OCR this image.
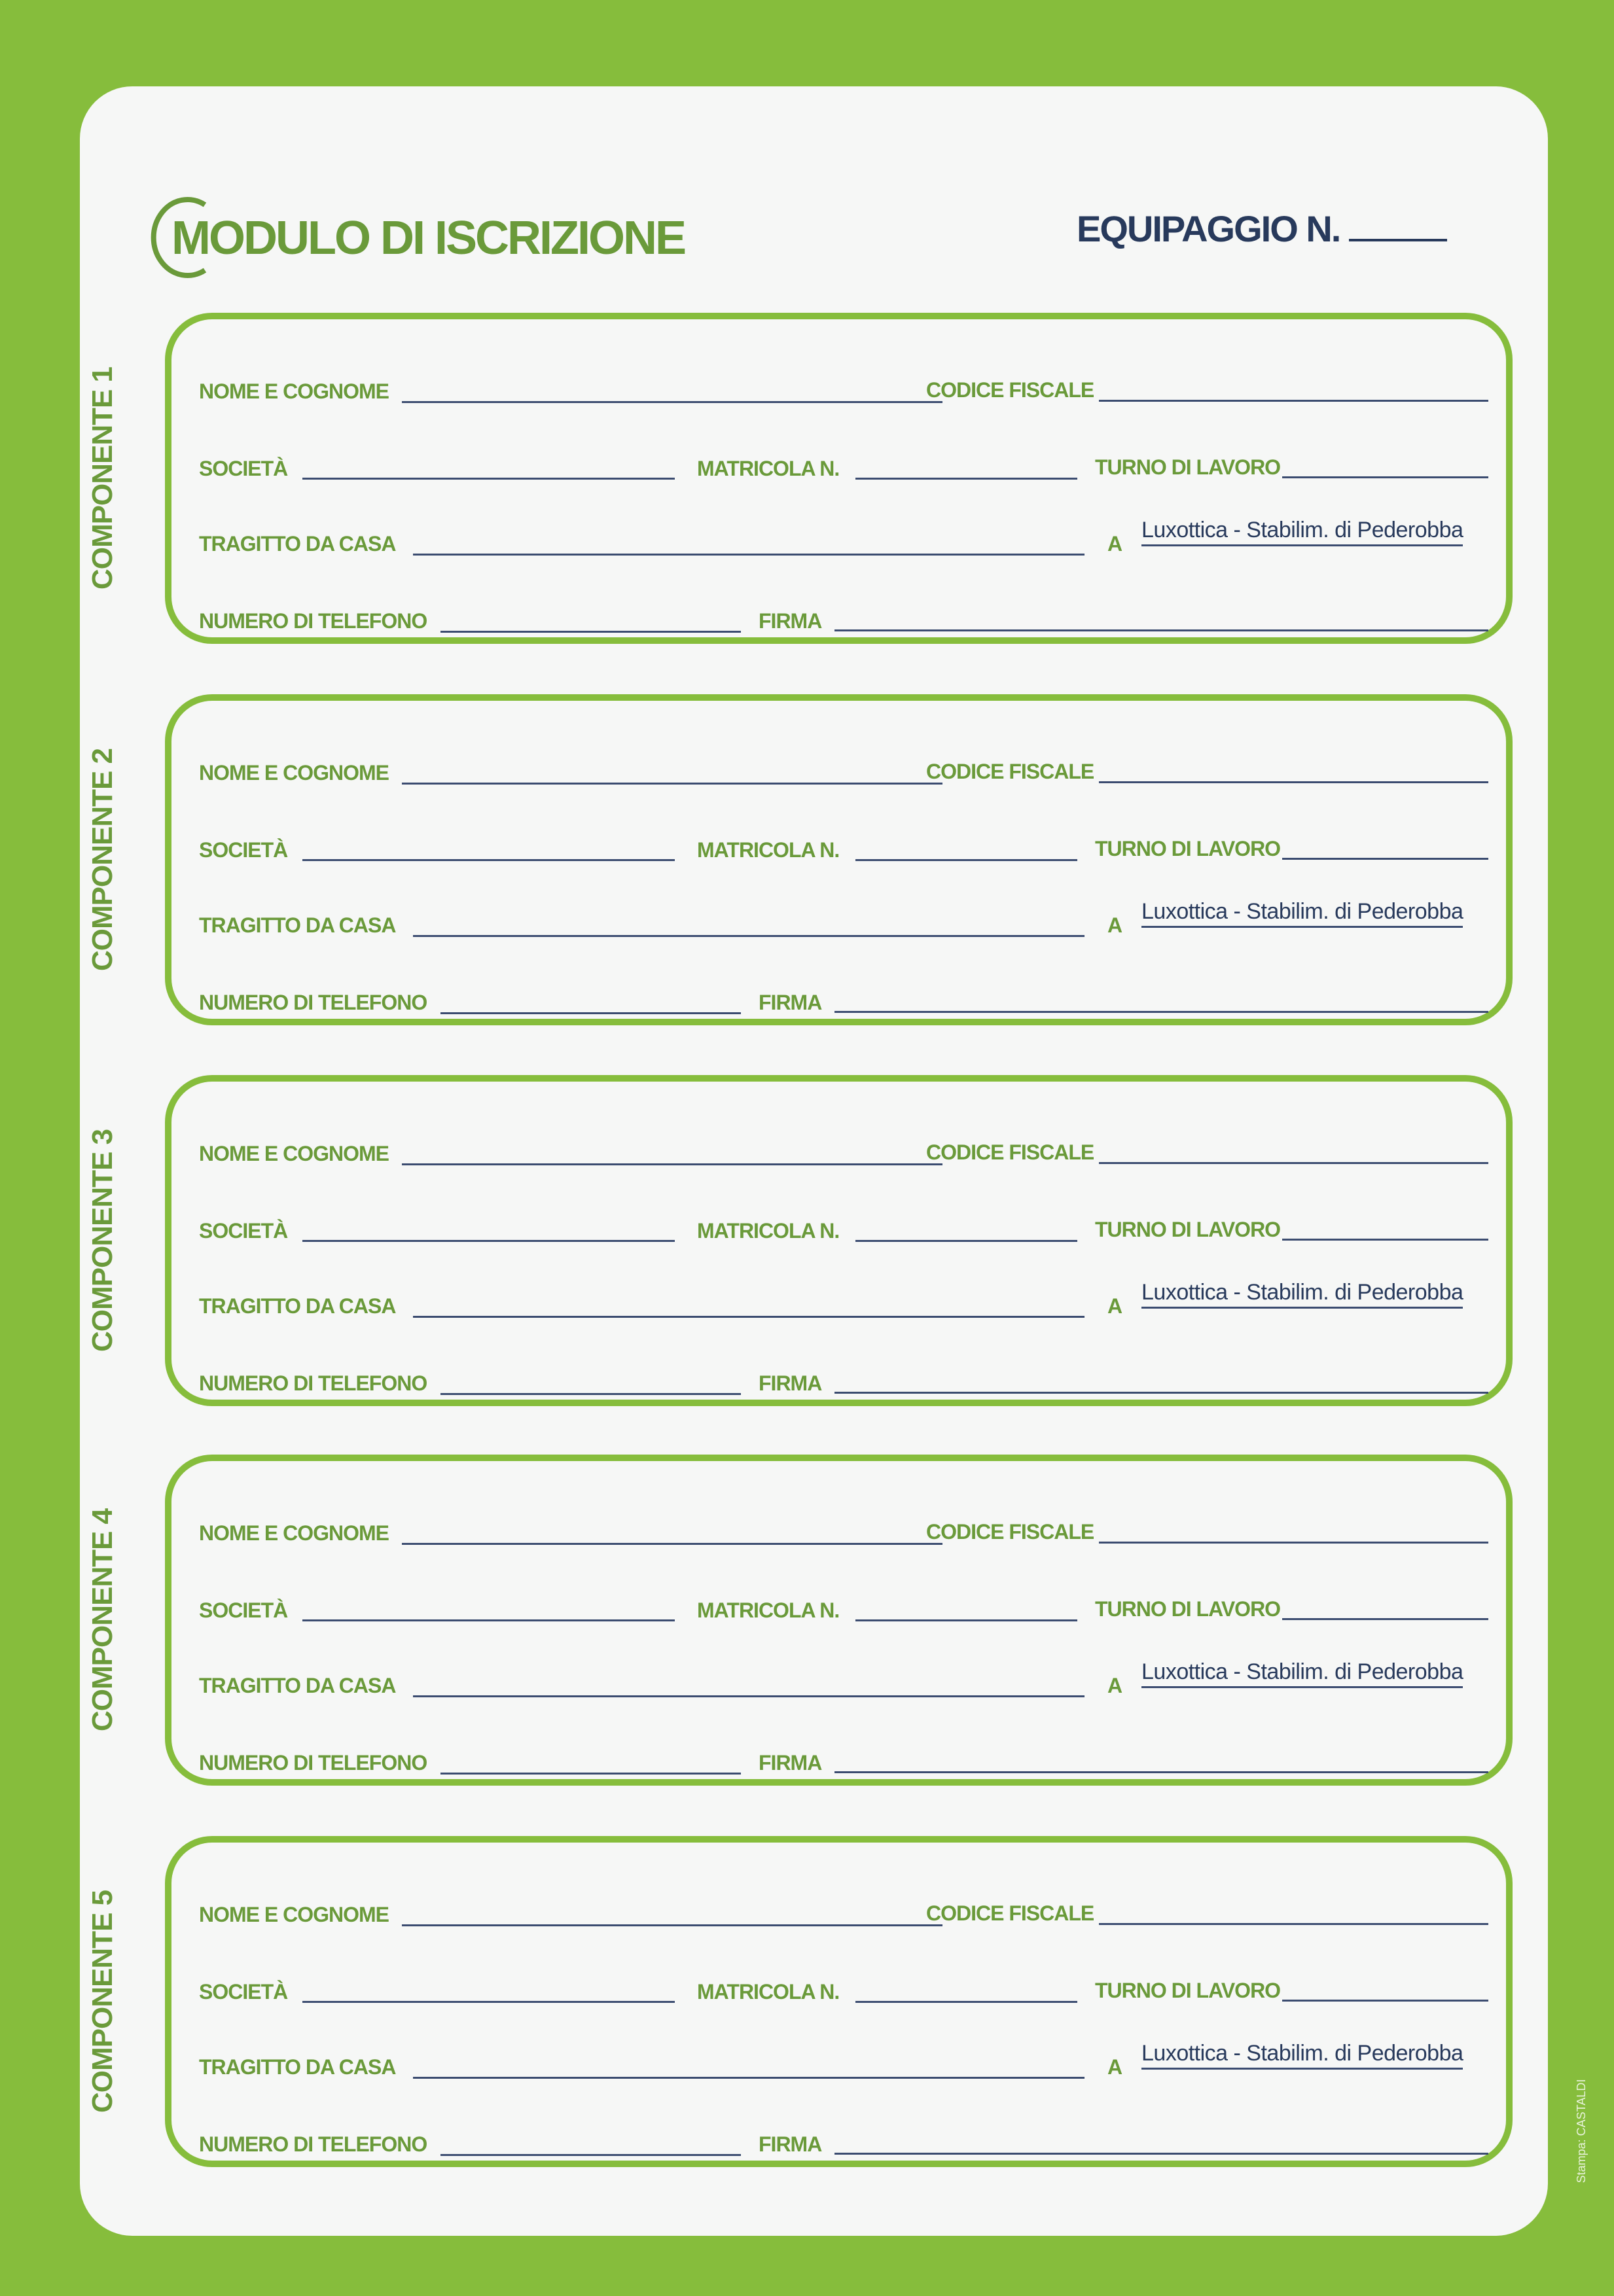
MODULO DI ISCRIZIONE	EQUIPAGGIO N.
COMPONENTE 1	NOME E COGNOME	CODICE FISCALE
SOCIETÀ	MATRICOLA N.	TURNO DI LAVORO
TRAGITTO DA CASA	A
Luxottica - Stabilim. di Pederobba
NUMERO DI TELEFONO	FIRMA
COMPONENTE 2	NOME E COGNOME	CODICE FISCALE
SOCIETÀ	MATRICOLA N.	TURNO DI LAVORO
TRAGITTO DA CASA	A
Luxottica - Stabilim. di Pederobba
NUMERO DI TELEFONO	FIRMA
COMPONENTE 3	NOME E COGNOME	CODICE FISCALE
SOCIETÀ	MATRICOLA N.	TURNO DI LAVORO
TRAGITTO DA CASA	A
Luxottica - Stabilim. di Pederobba
NUMERO DI TELEFONO	FIRMA
COMPONENTE 4	NOME E COGNOME	CODICE FISCALE
SOCIETÀ	MATRICOLA N.	TURNO DI LAVORO
TRAGITTO DA CASA	A
Luxottica - Stabilim. di Pederobba
NUMERO DI TELEFONO	FIRMA
COMPONENTE 5	NOME E COGNOME	CODICE FISCALE
SOCIETÀ	MATRICOLA N.	TURNO DI LAVORO
TRAGITTO DA CASA	A
Luxottica - Stabilim. di Pederobba
NUMERO DI TELEFONO	FIRMA	Stampa: CASTALDI
